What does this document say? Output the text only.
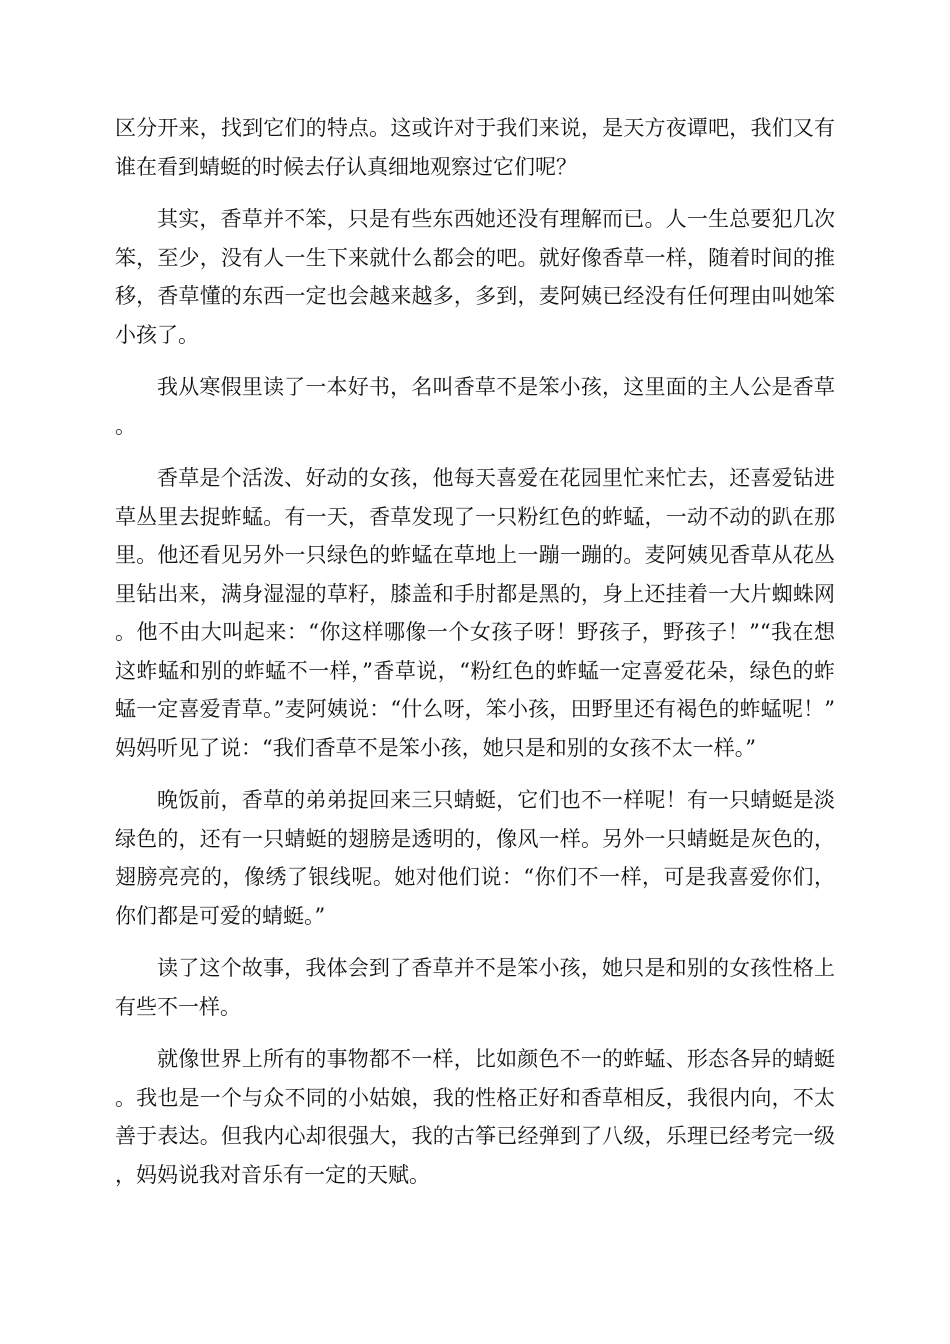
区分开来，找到它们的特点。这或许对于我们来说，是天方夜谭吧，我们又有谁在看到蜻蜓的时候去仔认真细地观察过它们呢？

其实，香草并不笨，只是有些东西她还没有理解而已。人一生总要犯几次笨，至少，没有人一生下来就什么都会的吧。就好像香草一样，随着时间的推移，香草懂的东西一定也会越来越多，多到，麦阿姨已经没有任何理由叫她笨小孩了。

我从寒假里读了一本好书，名叫香草不是笨小孩，这里面的主人公是香草。

香草是个活泼、好动的女孩，他每天喜爱在花园里忙来忙去，还喜爱钻进草丛里去捉蚱蜢。有一天，香草发现了一只粉红色的蚱蜢，一动不动的趴在那里。他还看见另外一只绿色的蚱蜢在草地上一蹦一蹦的。麦阿姨见香草从花丛里钻出来，满身湿湿的草籽，膝盖和手肘都是黑的，身上还挂着一大片蜘蛛网。他不由大叫起来：“你这样哪像一个女孩子呀！野孩子，野孩子！”“我在想这蚱蜢和别的蚱蜢不一样，”香草说，“粉红色的蚱蜢一定喜爱花朵，绿色的蚱蜢一定喜爱青草。”麦阿姨说：“什么呀，笨小孩，田野里还有褐色的蚱蜢呢！”妈妈听见了说：“我们香草不是笨小孩，她只是和别的女孩不太一样。”

晚饭前，香草的弟弟捉回来三只蜻蜓，它们也不一样呢！有一只蜻蜓是淡绿色的，还有一只蜻蜓的翅膀是透明的，像风一样。另外一只蜻蜓是灰色的，翅膀亮亮的，像绣了银线呢。她对他们说：“你们不一样，可是我喜爱你们，你们都是可爱的蜻蜓。”

读了这个故事，我体会到了香草并不是笨小孩，她只是和别的女孩性格上有些不一样。

就像世界上所有的事物都不一样，比如颜色不一的蚱蜢、形态各异的蜻蜓。我也是一个与众不同的小姑娘，我的性格正好和香草相反，我很内向，不太善于表达。但我内心却很强大，我的古筝已经弹到了八级，乐理已经考完一级，妈妈说我对音乐有一定的天赋。
